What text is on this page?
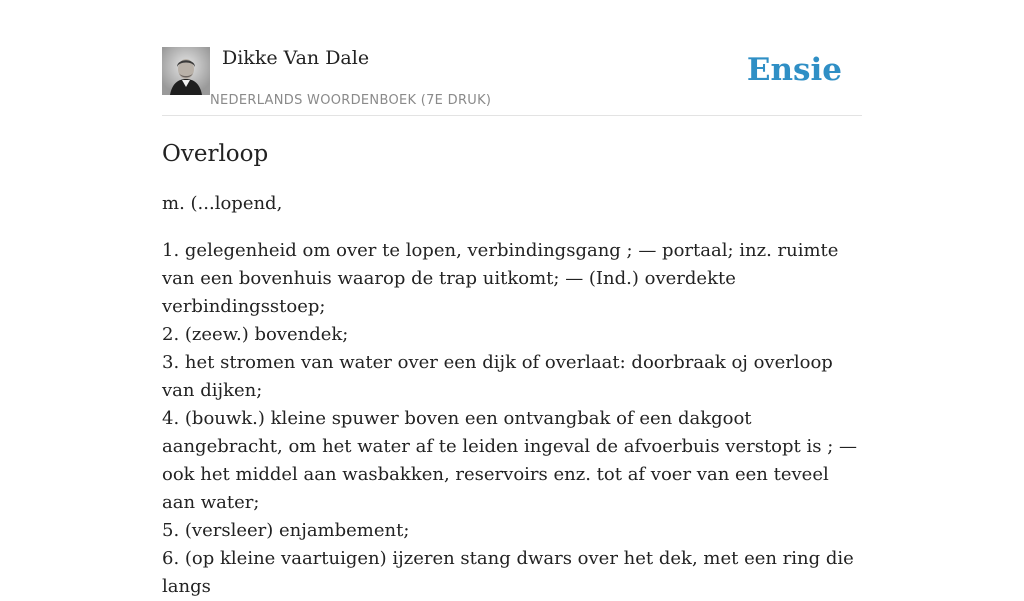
Dikke Van Dale
NEDERLANDS WOORDENBOEK (7E DRUK)
Ensie
Overloop

m. (...lopend,

1. gelegenheid om over te lopen, verbindingsgang ; — portaal; inz. ruimte van een bovenhuis waarop de trap uitkomt; — (Ind.) overdekte verbindingsstoep;
2. (zeew.) bovendek;
3. het stromen van water over een dijk of overlaat: doorbraak oj overloop van dijken;
4. (bouwk.) kleine spuwer boven een ontvangbak of een dakgoot aangebracht, om het water af te leiden ingeval de afvoerbuis verstopt is ; — ook het middel aan wasbakken, reservoirs enz. tot af voer van een teveel aan water;
5. (versleer) enjambement;
6. (op kleine vaartuigen) ijzeren stang dwars over het dek, met een ring die langs
